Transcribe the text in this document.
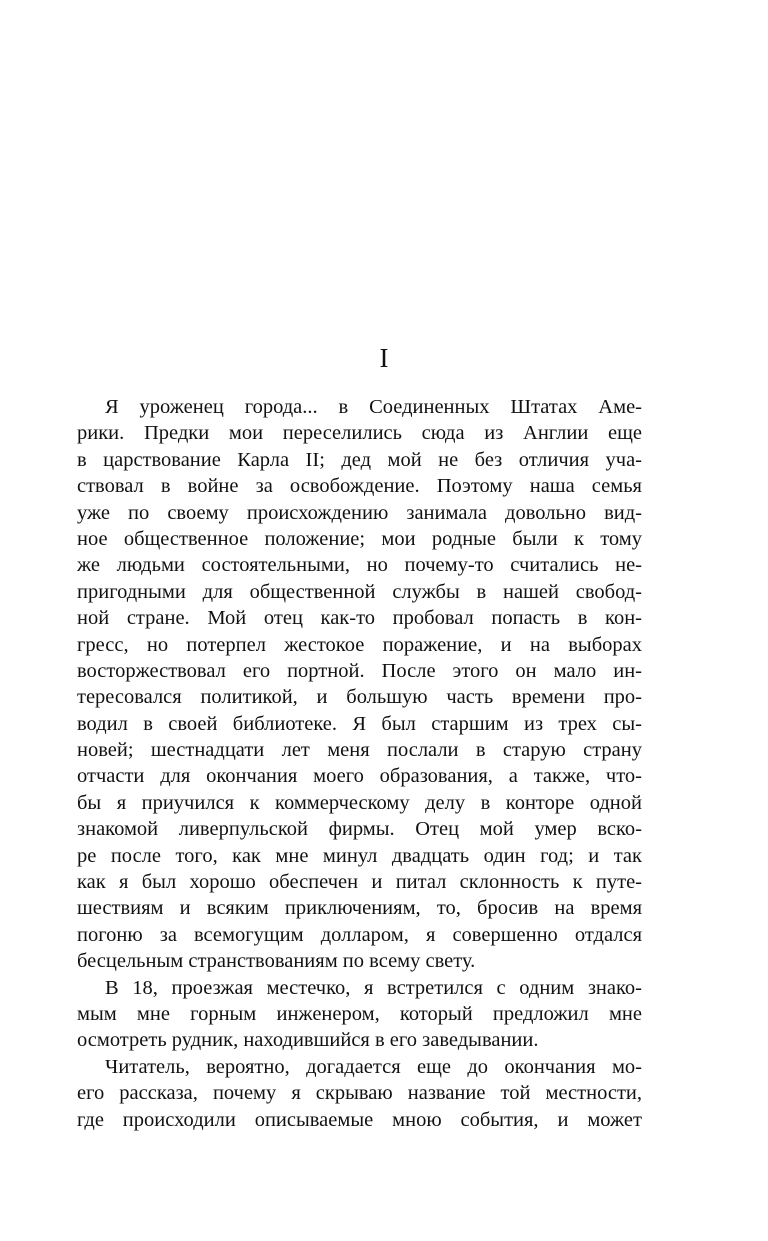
I
Я уроженец города... в Соединенных Штатах Аме-
рики. Предки мои переселились сюда из Англии еще
в царствование Карла II; дед мой не без отличия уча-
ствовал в войне за освобождение. Поэтому наша семья
уже по своему происхождению занимала довольно вид-
ное общественное положение; мои родные были к тому
же людьми состоятельными, но почему-то считались не-
пригодными для общественной службы в нашей свобод-
ной стране. Мой отец как-то пробовал попасть в кон-
гресс, но потерпел жестокое поражение, и на выборах
восторжествовал его портной. После этого он мало ин-
тересовался политикой, и большую часть времени про-
водил в своей библиотеке. Я был старшим из трех сы-
новей; шестнадцати лет меня послали в старую страну
отчасти для окончания моего образования, а также, что-
бы я приучился к коммерческому делу в конторе одной
знакомой ливерпульской фирмы. Отец мой умер вско-
ре после того, как мне минул двадцать один год; и так
как я был хорошо обеспечен и питал склонность к путе-
шествиям и всяким приключениям, то, бросив на время
погоню за всемогущим долларом, я совершенно отдался
бесцельным странствованиям по всему свету.
В 18, проезжая местечко, я встретился с одним знако-
мым мне горным инженером, который предложил мне
осмотреть рудник, находившийся в его заведывании.
Читатель, вероятно, догадается еще до окончания мо-
его рассказа, почему я скрываю название той местности,
где происходили описываемые мною события, и может
